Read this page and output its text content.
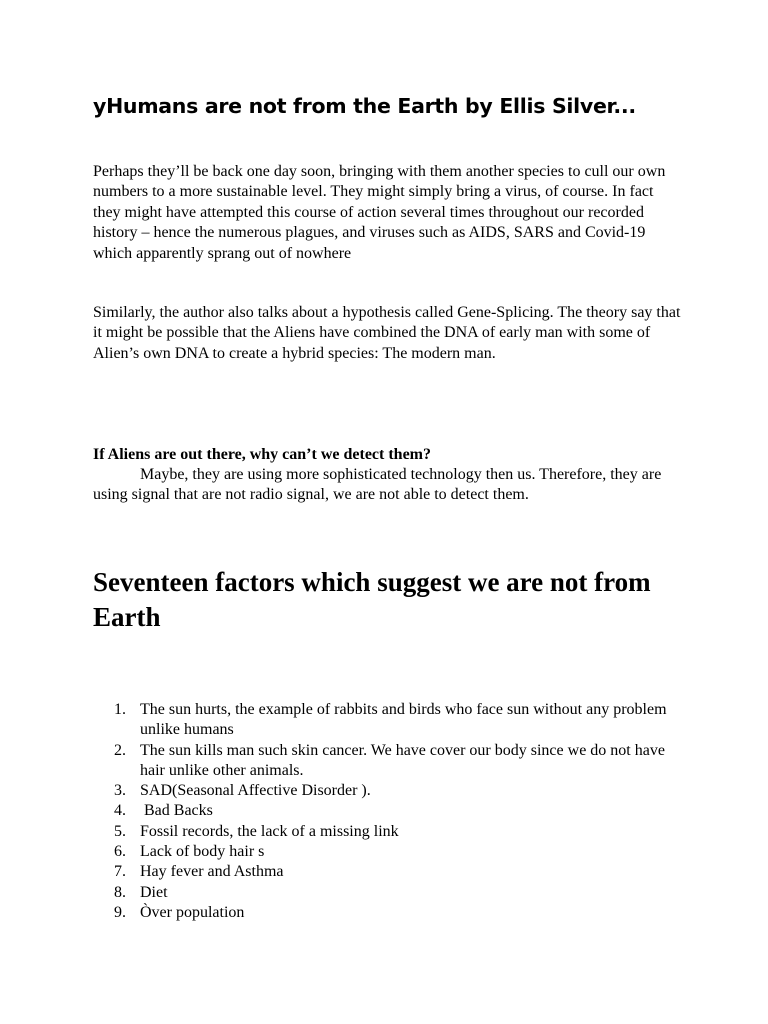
yHumans are not from the Earth by Ellis Silver...

Perhaps they’ll be back one day soon, bringing with them another species to cull our own numbers to a more sustainable level. They might simply bring a virus, of course. In fact they might have attempted this course of action several times throughout our recorded history – hence the numerous plagues, and viruses such as AIDS, SARS and Covid-19 which apparently sprang out of nowhere

Similarly, the author also talks about a hypothesis called Gene-Splicing. The theory say that it might be possible that the Aliens have combined the DNA of early man with some of Alien’s own DNA to create a hybrid species: The modern man.

If Aliens are out there, why can’t we detect them?

Maybe, they are using more sophisticated technology then us. Therefore, they are using signal that are not radio signal, we are not able to detect them.

Seventeen factors which suggest we are not from Earth
1. The sun hurts, the example of rabbits and birds who face sun without any problem unlike humans
2. The sun kills man such skin cancer. We have cover our body since we do not have hair unlike other animals.
3. SAD(Seasonal Affective Disorder ).
4. Bad Backs
5. Fossil records, the lack of a missing link
6. Lack of body hair s
7. Hay fever and Asthma
8. Diet
9. Òver population
